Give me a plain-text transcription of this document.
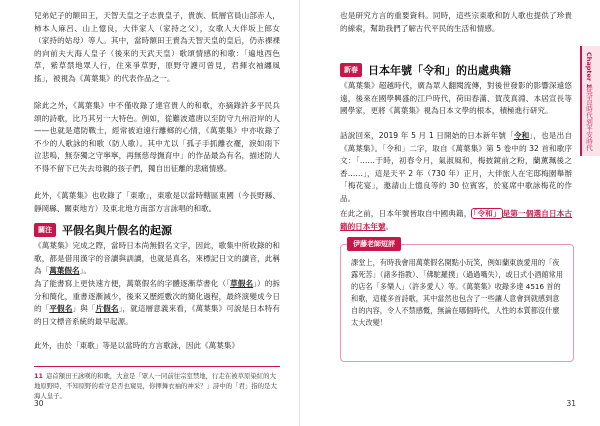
兒弟妃子的額田王，天智天皇之子志貴皇子，貴族、低層官員山部赤人，柿本人麻呂、山上憶良，大伴家人（家持之父），女歌人大伴坂上郎女（家持的姑母）等人。其中，當時額田王貴為天智天皇的皇后，仍赤裸裸的向前夫大海人皇子（後來的天武天皇）歌頌情感的和歌：「遍地西色草，紫草禁地眾人行，住來爭草野，原野守護可曾見，君揮衣袖纏風搖」，被視為《萬葉集》的代表作品之一。

除此之外，《萬葉集》中不僅收錄了達官貴人的和歌，亦摘錄許多平民兵頌的詩歌，比乃其另一大特色。例如，從難波遣唐以至防守九州沿岸的人——也就是遣防戰士，經常被迫遠行離鄉的心情，《萬葉集》中亦收錄了不少的人歌詠的和歌（防人歌）。其中尤以「孤子手抓離衣襬，淚如雨下泣悲嗚，無奈獨之守寧寧，再無慈母撫育中」的作品最為有名，描述防人不得不留下已失去母親的孩子們，獨自出征離的悲痛情感。

此外，《萬葉集》也收錄了「東歌」，東歌是以當時轄區東國（今長野縣、靜岡縣、關東地方）及東北地方南部方言詠唱的和歌。

關注 平假名與片假名的起源

《萬葉集》完成之際，當時日本尚無假名文字，因此，歌集中所收錄的和歌，都是借用漢字的音讀與訓讀，也就是真名，來標記日文的讀音，此稱為「萬葉假名」。

為了能書寫上更快速方便，萬葉假名的字體逐漸草書化（「草假名」）的拆分和簡化，重書逐漸減少，後來又歷經數次的簡化過程，最終演變成今日的「平假名」與「片假名」，就這層意義來看，《萬葉集》可說是日本特有的日文標音系統的最早起源。

此外，由於「東歌」等是以當時的方言歌詠，因此《萬葉集》

11 這首額田王詠嘆的和歌，大意是「眾人一同前往宗室禁地，行走在被草原染紅的大地原野時，不知原野的看守是否也窺見，你揮舞衣袖的神采？」詩中的「君」指的是大海人皇子。
30

也是研究方言的重要資料。同時，這些宗東歌和防人歌也提供了珍貴的線索，幫助我們了解古代平民的生活和情感。

新春 日本年號「令和」的出處典籍

《萬葉集》超越時代，廣為眾人翻閱流傳，對後世發影的影響深遠悠遠，後來在國學興盛的江戶時代，荷田春滿、賀茂真淵、本居宣長等國學家，更將《萬葉集》視為日本文學的根本，積極進行研究。

話說回來，2019 年 5 月 1 日開始的日本新年號「令和」，也是出自《萬葉集》。「令和」二字，取自《萬葉集》第 5 卷中的 32 首和歌序文：「……于時，初春令月，氣淑風和，梅披鏡前之粉，蘭薰珮後之香……」，這是天平 2 年（730 年）正月，大伴旅人在宅邸梅園舉辦「梅花宴」，邀請山上憶良等約 30 位賓客，於宴席中歌詠梅花的作品。

在此之前，日本年號皆取自中國典籍， 「令和」 是第一個選自日本古籍的日本年號。

伊藤老師短評

課堂上，有時我會用萬葉假名開點小玩笑，例如蘭東族愛用的「夜露死苦」（諸多指教）、「佛駝羅撲」（過過嘴失），或日式小酒館常用的店名「多樂人」（許多愛人）等。《萬葉集》收錄多達 4516 首的和歌，這樣多首詩歌，其中當然也包含了一些讓人意會到就感到意自的內容，令人不禁感慨，無論在哪個時代，人性的本質都沒什麼太大改變！

Chapter 1
從奈良時代到平安時代
31
